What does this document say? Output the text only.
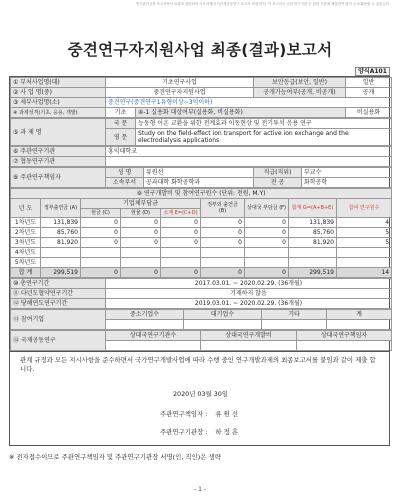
연구관리규정 보고서작성 요령과 관련되어 국가과제/국가과제공동연구 보고서 작성 양식. 이 보고서는 주관 연구기관 등 관련 기관에 제출하여 평가 등에 활용할 수 있습니다.
중견연구자지원사업 최종(결과)보고서
양식A101
① 부처사업명(대)	기초연구사업		보안등급(보안, 일반)	일반
② 사 업 명(중)	중견연구자지원사업		공개가능여부(공개, 비공개)	공개
③ 세부사업명(소)	중견연구(중견연구1유형이상~3억이하)			
④ 과제성격(기초, 응용, 개발)	기초	④-1 실용화 대상여부(실용화, 비실용화)		비실용화
⑤ 과 제 명	국 문	능동형 이온 교환을 위한 전계효과 이동현상 및 전기투석 응용 연구
	영 문	Study on the field-effect ion transport for active ion exchange and the electrodialysis applications
⑥ 주관연구기관	홍익대학교
⑦ 협동연구기관	
⑧ 주관연구책임자	성 명	류원선	직급(직위)	부교수
	소속부서	공과대학 화학공학과	전 공	화학공학
⑨ 연구개발비 및 참여연구원수 (단위: 천원, M.Y)								
년 도	정부출연금 (A)	기업체부담금			정부외 출연금 (B)	상대국 부담금 (F)	합계 G=(A+B+E)	참여 연구원수
		현금 (C)	현물 (D)	소계 E=(C+D)				
1차년도	131,839	0	0	0	0	0	131,839	4
2차년도	85,760	0	0	0	0	0	85,760	5
3차년도	81,920	0	0	0	0	0	81,920	5
4차년도								
5차년도								
합 계	299,519	0	0	0	0	0	299,519	14
⑩ 총연구기간	2017.03.01. ~ 2020.02.29. (36개월)
⑪ 다년도협약연구기간	기재하지 않음
⑫ 당해연도연구기간	2019.03.01. ~ 2020.02.29. (36개월)
⑬ 참여기업	중소기업수	대기업수	기타	계

⑭ 국제공동연구	상대국연구기관수	상대국연구개발비	상대국연구책임자

관계 규정과 모든 지시사항을 준수하면서 국가연구개발사업에 따라 수행 중인 연구개발과제의 최종보고서를 붙임과 같이 제출 합니다.
2020년 03월 30일
주관연구책임자 : 류 원 선
주관연구기관장 : 하 정 훈
※ 전자접수이므로 주관연구책임자 및 주관연구기관장 서명(인, 직인)은 생략
- 1 -
